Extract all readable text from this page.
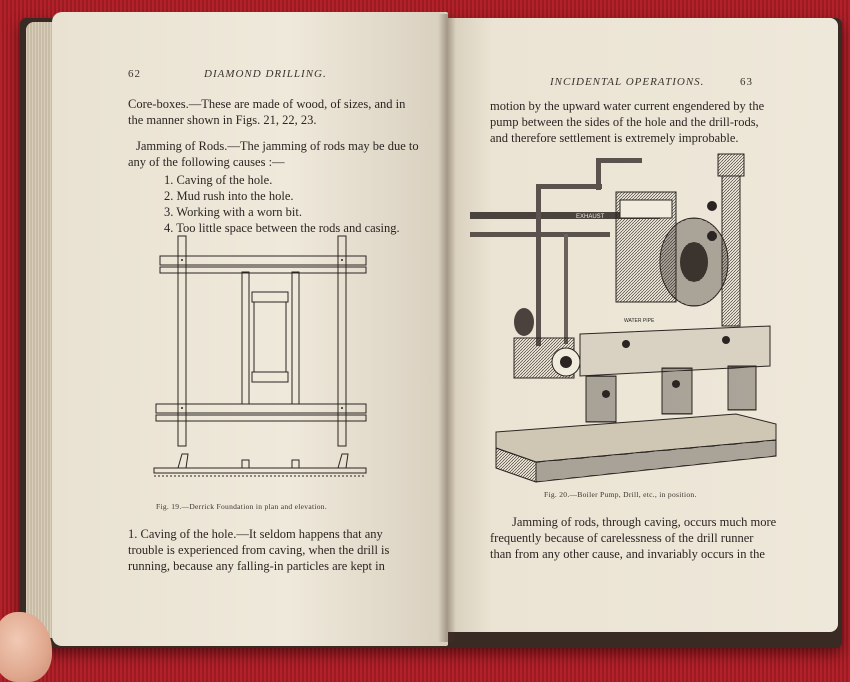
62	DIAMOND DRILLING.
Core-boxes.—These are made of wood, of sizes, and in
the manner shown in Figs. 21, 22, 23.
Jamming of Rods.—The jamming of rods may be due to
any of the following causes :—
1. Caving of the hole.
2. Mud rush into the hole.
3. Working with a worn bit.
4. Too little space between the rods and casing.
Fig. 19.—Derrick Foundation in plan and elevation.
1. Caving of the hole.—It seldom happens that any
trouble is experienced from caving, when the drill is
running, because any falling-in particles are kept in
INCIDENTAL OPERATIONS.	63
motion by the upward water current engendered by the
pump between the sides of the hole and the drill-rods,
and therefore settlement is extremely improbable.
EXHAUST
WATER PIPE
Fig. 20.—Boiler Pump, Drill, etc., in position.
Jamming of rods, through caving, occurs much more
frequently because of carelessness of the drill runner
than from any other cause, and invariably occurs in the
